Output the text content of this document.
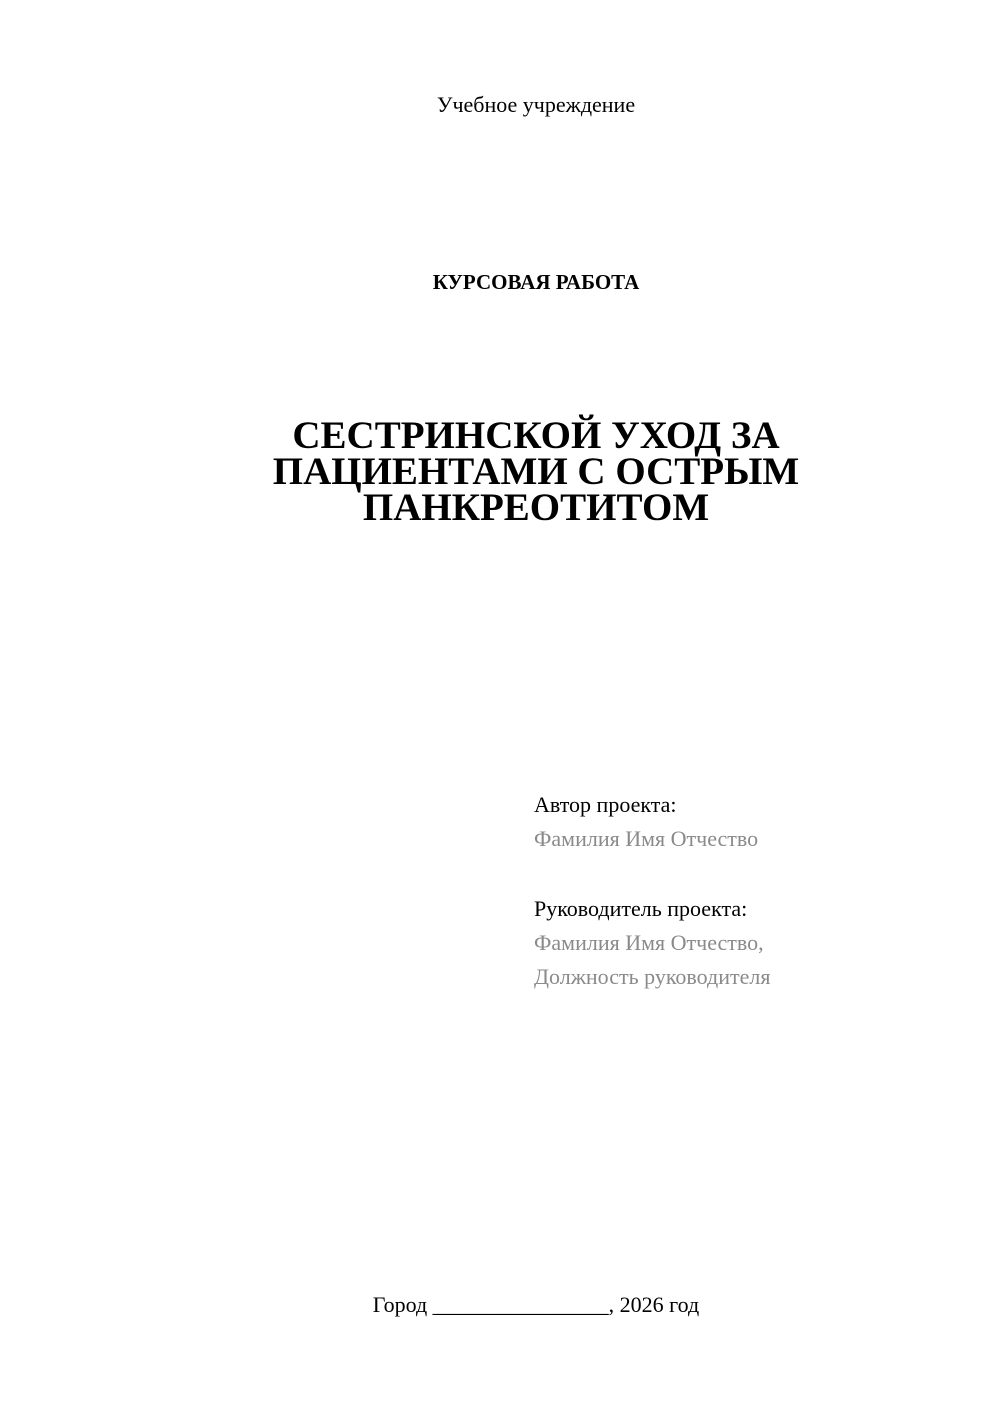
Учебное учреждение
КУРСОВАЯ РАБОТА
СЕСТРИНСКОЙ УХОД ЗА
ПАЦИЕНТАМИ С ОСТРЫМ
ПАНКРЕОТИТОМ
Автор проекта:
Фамилия Имя Отчество
Руководитель проекта:
Фамилия Имя Отчество,
Должность руководителя
Город ________________, 2026 год
